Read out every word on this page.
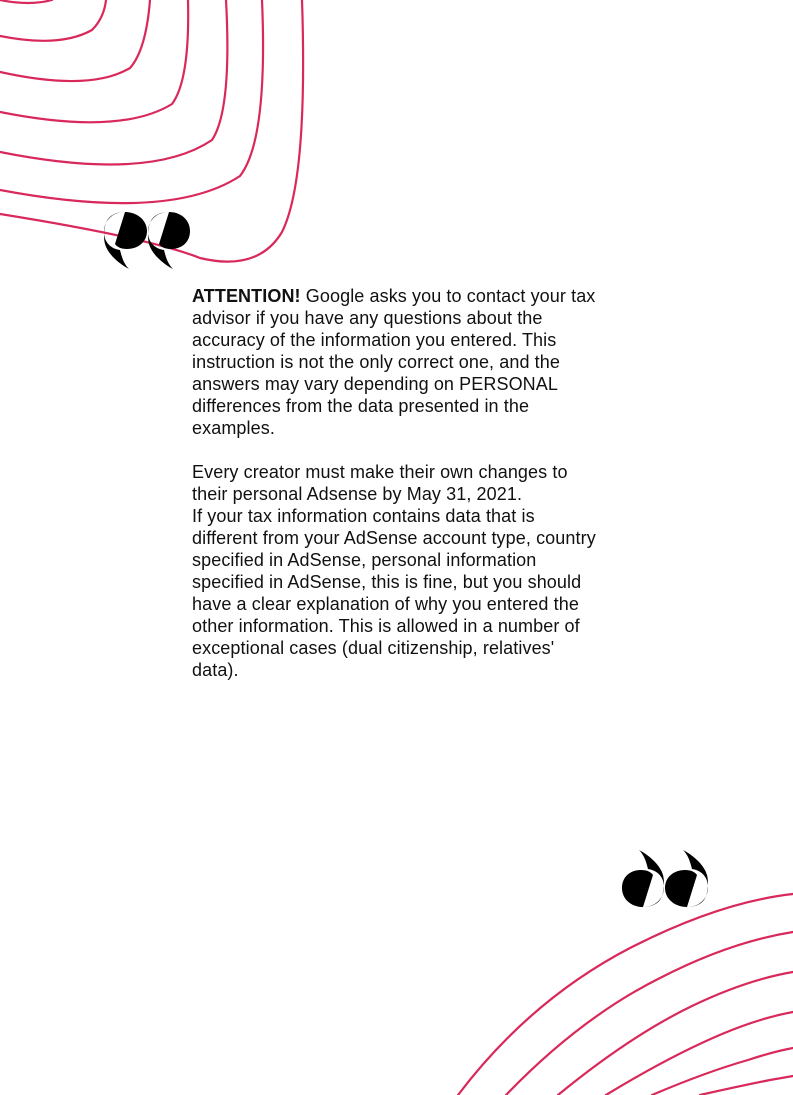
ATTENTION! Google asks you to contact your tax advisor if you have any questions about the accuracy of the information you entered. This instruction is not the only correct one, and the answers may vary depending on PERSONAL differences from the data presented in the examples.

Every creator must make their own changes to their personal Adsense by May 31, 2021.

If your tax information contains data that is different from your AdSense account type, country specified in AdSense, personal information specified in AdSense, this is fine, but you should have a clear explanation of why you entered the other information. This is allowed in a number of exceptional cases (dual citizenship, relatives' data).
